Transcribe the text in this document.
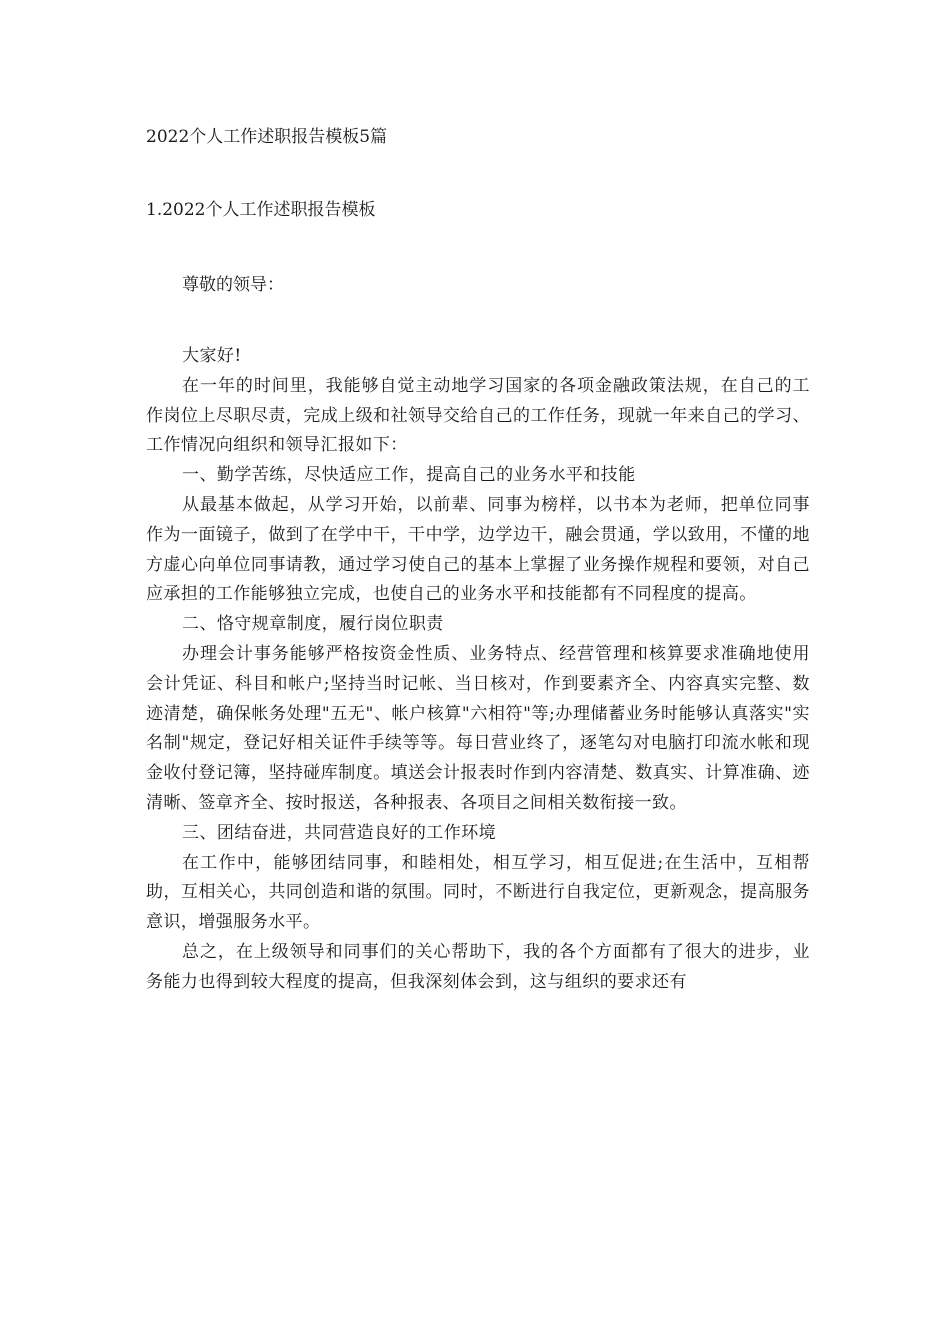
2022个人工作述职报告模板5篇
1.2022个人工作述职报告模板

尊敬的领导：

大家好!

在一年的时间里，我能够自觉主动地学习国家的各项金融政策法规，在自己的工作岗位上尽职尽责，完成上级和社领导交给自己的工作任务，现就一年来自己的学习、工作情况向组织和领导汇报如下：

一、勤学苦练，尽快适应工作，提高自己的业务水平和技能

从最基本做起，从学习开始，以前辈、同事为榜样，以书本为老师，把单位同事作为一面镜子，做到了在学中干，干中学，边学边干，融会贯通，学以致用，不懂的地方虚心向单位同事请教，通过学习使自己的基本上掌握了业务操作规程和要领，对自己应承担的工作能够独立完成，也使自己的业务水平和技能都有不同程度的提高。

二、恪守规章制度，履行岗位职责

办理会计事务能够严格按资金性质、业务特点、经营管理和核算要求准确地使用会计凭证、科目和帐户;坚持当时记帐、当日核对，作到要素齐全、内容真实完整、数迹清楚，确保帐务处理"五无"、帐户核算"六相符"等;办理储蓄业务时能够认真落实"实名制"规定，登记好相关证件手续等等。每日营业终了，逐笔勾对电脑打印流水帐和现金收付登记簿，坚持碰库制度。填送会计报表时作到内容清楚、数真实、计算准确、迹清晰、签章齐全、按时报送，各种报表、各项目之间相关数衔接一致。

三、团结奋进，共同营造良好的工作环境

在工作中，能够团结同事，和睦相处，相互学习，相互促进;在生活中，互相帮助，互相关心，共同创造和谐的氛围。同时，不断进行自我定位，更新观念，提高服务意识，增强服务水平。

总之，在上级领导和同事们的关心帮助下，我的各个方面都有了很大的进步，业务能力也得到较大程度的提高，但我深刻体会到，这与组织的要求还有
